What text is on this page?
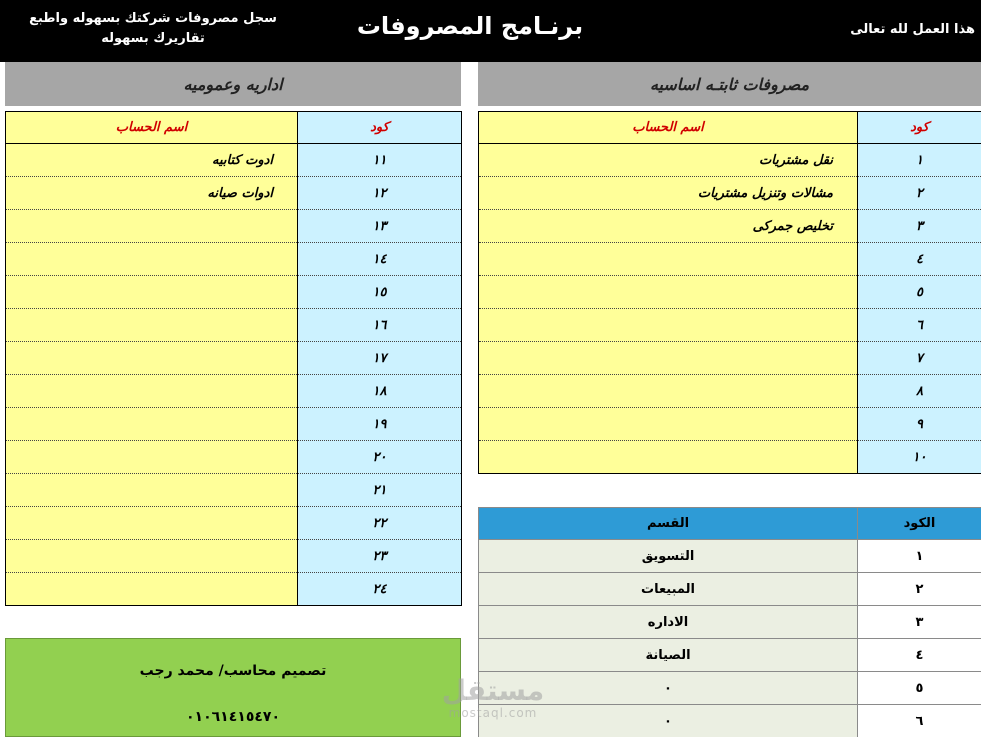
هذا العمل لله تعالى
برنـامج المصروفات
سجل مصروفات شركتك بسهوله واطبع
تقاريرك بسهوله
مصروفات ثابتـه اساسيه
اداريه وعموميه
كود	اسم الحساب
١	نقل مشتريات
٢	مشالات وتنزيل مشتريات
٣	تخليص جمركى
٤	
٥	
٦	
٧	
٨	
٩	
١٠	
كود	اسم الحساب
١١	ادوت كتابيه
١٢	ادوات صيانه
١٣	
١٤	
١٥	
١٦	
١٧	
١٨	
١٩	
٢٠	
٢١	
٢٢	
٢٣	
٢٤	
الكود	القسم
١	التسويق
٢	المبيعات
٣	الاداره
٤	الصيانة
٥	٠
٦	٠
تصميم محاسب/ محمد رجب
٠١٠٦١٤١٥٤٧٠
مستقل
mostaql.com
